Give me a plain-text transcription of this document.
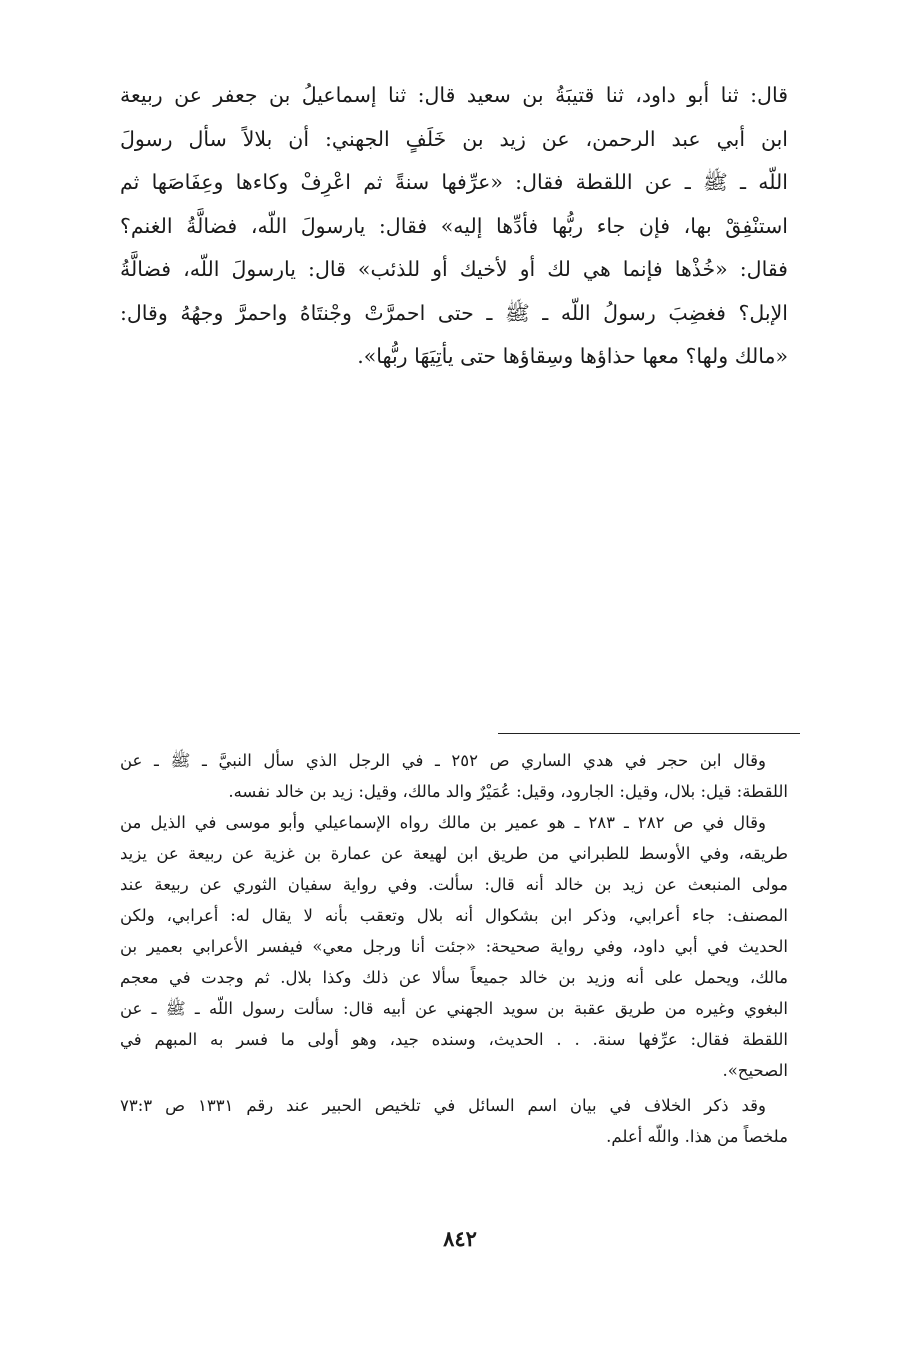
قال: ثنا أبو داود، ثنا قتيبَةُ بن سعيد قال: ثنا إسماعيلُ بن جعفر عن ربيعة
ابن أبي عبد الرحمن، عن زيد بن خَلَفٍ الجهني: أن بلالاً سأل رسولَ
اللّه ـ ﷺ ـ عن اللقطة فقال: «عرِّفها سنةً ثم اعْرِفْ وكاءها وعِفَاصَها ثم
استنْفِقْ بها، فإن جاء ربُّها فأدِّها إليه» فقال: يارسولَ اللّه، فضالَّةُ الغنم؟
فقال: «خُذْها فإنما هي لك أو لأخيك أو للذئب» قال: يارسولَ اللّه، فضالَّةُ
الإبل؟ فغضِبَ رسولُ اللّه ـ ﷺ ـ حتى احمرَّتْ وجْنتَاهُ واحمرَّ وجهُهُ وقال:
«مالك ولها؟ معها حذاؤها وسِقاؤها حتى يأتِيَهَا ربُّها».
وقال ابن حجر في هدي الساري ص ٢٥٢ ـ في الرجل الذي سأل النبيَّ ـ ﷺ ـ عن
اللقطة: قيل: بلال، وقيل: الجارود، وقيل: عُمَيْرٌ والد مالك، وقيل: زيد بن خالد نفسه.
وقال في ص ٢٨٢ ـ ٢٨٣ ـ هو عمير بن مالك رواه الإسماعيلي وأبو موسى في الذيل من
طريقه، وفي الأوسط للطبراني من طريق ابن لهيعة عن عمارة بن غزية عن ربيعة عن يزيد
مولى المنبعث عن زيد بن خالد أنه قال: سألت. وفي رواية سفيان الثوري عن ربيعة عند
المصنف: جاء أعرابي، وذكر ابن بشكوال أنه بلال وتعقب بأنه لا يقال له: أعرابي، ولكن
الحديث في أبي داود، وفي رواية صحيحة: «جئت أنا ورجل معي» فيفسر الأعرابي بعمير بن
مالك، ويحمل على أنه وزيد بن خالد جميعاً سألا عن ذلك وكذا بلال. ثم وجدت في معجم
البغوي وغيره من طريق عقبة بن سويد الجهني عن أبيه قال: سألت رسول اللّه ـ ﷺ ـ عن
اللقطة فقال: عرِّفها سنة. . . الحديث، وسنده جيد، وهو أولى ما فسر به المبهم في
الصحيح».
وقد ذكر الخلاف في بيان اسم السائل في تلخيص الحبير عند رقم ١٣٣١ ص ٧٣:٣
ملخصاً من هذا. واللّه أعلم.
٨٤٢
